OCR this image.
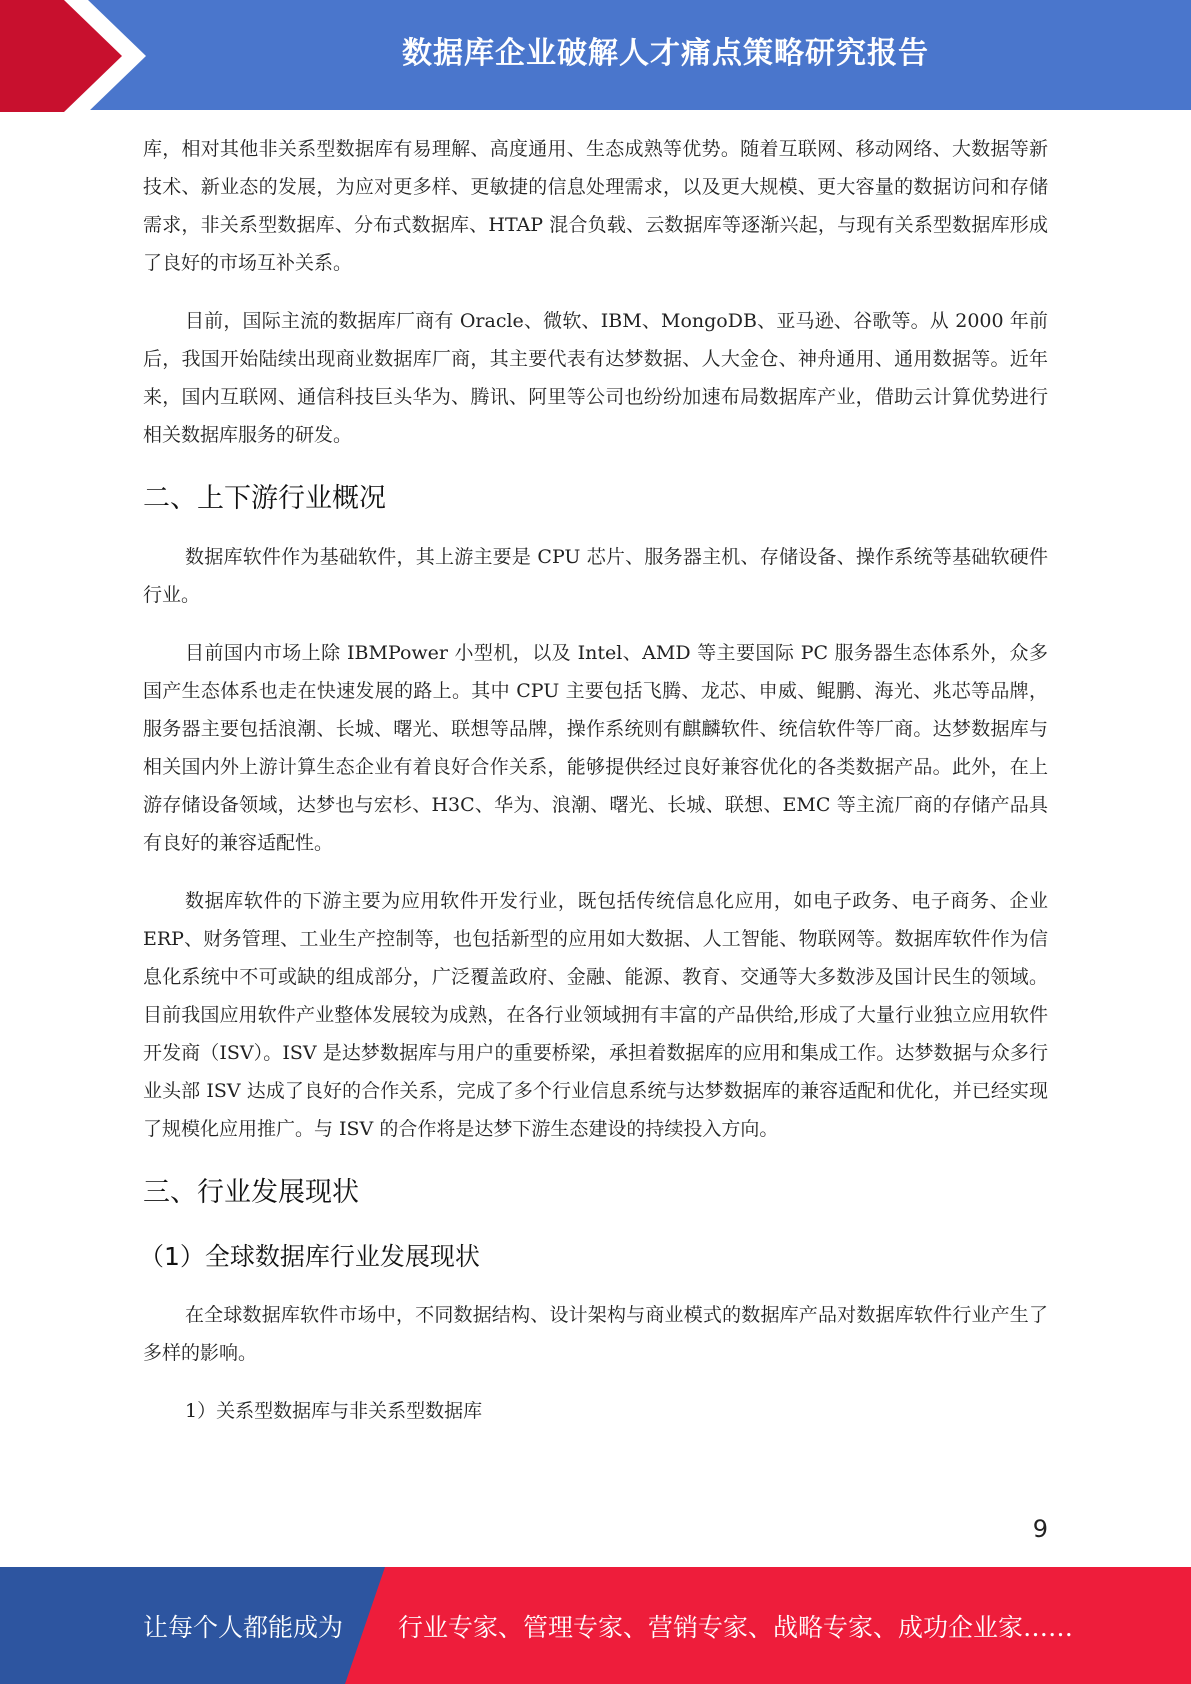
数据库企业破解人才痛点策略研究报告

库，相对其他非关系型数据库有易理解、高度通用、生态成熟等优势。随着互联网、移动网络、大数据等新技术、新业态的发展，为应对更多样、更敏捷的信息处理需求，以及更大规模、更大容量的数据访问和存储需求，非关系型数据库、分布式数据库、HTAP 混合负载、云数据库等逐渐兴起，与现有关系型数据库形成了良好的市场互补关系。

目前，国际主流的数据库厂商有 Oracle、微软、IBM、MongoDB、亚马逊、谷歌等。从 2000 年前后，我国开始陆续出现商业数据库厂商，其主要代表有达梦数据、人大金仓、神舟通用、通用数据等。近年来，国内互联网、通信科技巨头华为、腾讯、阿里等公司也纷纷加速布局数据库产业，借助云计算优势进行相关数据库服务的研发。

二、上下游行业概况

数据库软件作为基础软件，其上游主要是 CPU 芯片、服务器主机、存储设备、操作系统等基础软硬件行业。

目前国内市场上除 IBMPower 小型机，以及 Intel、AMD 等主要国际 PC 服务器生态体系外，众多国产生态体系也走在快速发展的路上。其中 CPU 主要包括飞腾、龙芯、申威、鲲鹏、海光、兆芯等品牌，服务器主要包括浪潮、长城、曙光、联想等品牌，操作系统则有麒麟软件、统信软件等厂商。达梦数据库与相关国内外上游计算生态企业有着良好合作关系，能够提供经过良好兼容优化的各类数据产品。此外，在上游存储设备领域，达梦也与宏杉、H3C、华为、浪潮、曙光、长城、联想、EMC 等主流厂商的存储产品具有良好的兼容适配性。

数据库软件的下游主要为应用软件开发行业，既包括传统信息化应用，如电子政务、电子商务、企业 ERP、财务管理、工业生产控制等，也包括新型的应用如大数据、人工智能、物联网等。数据库软件作为信息化系统中不可或缺的组成部分，广泛覆盖政府、金融、能源、教育、交通等大多数涉及国计民生的领域。目前我国应用软件产业整体发展较为成熟，在各行业领域拥有丰富的产品供给,形成了大量行业独立应用软件开发商（ISV）。ISV 是达梦数据库与用户的重要桥梁，承担着数据库的应用和集成工作。达梦数据与众多行业头部 ISV 达成了良好的合作关系，完成了多个行业信息系统与达梦数据库的兼容适配和优化，并已经实现了规模化应用推广。与 ISV 的合作将是达梦下游生态建设的持续投入方向。

三、行业发展现状
（1）全球数据库行业发展现状

在全球数据库软件市场中，不同数据结构、设计架构与商业模式的数据库产品对数据库软件行业产生了多样的影响。

1）关系型数据库与非关系型数据库

9
让每个人都能成为 行业专家、管理专家、营销专家、战略专家、成功企业家……
